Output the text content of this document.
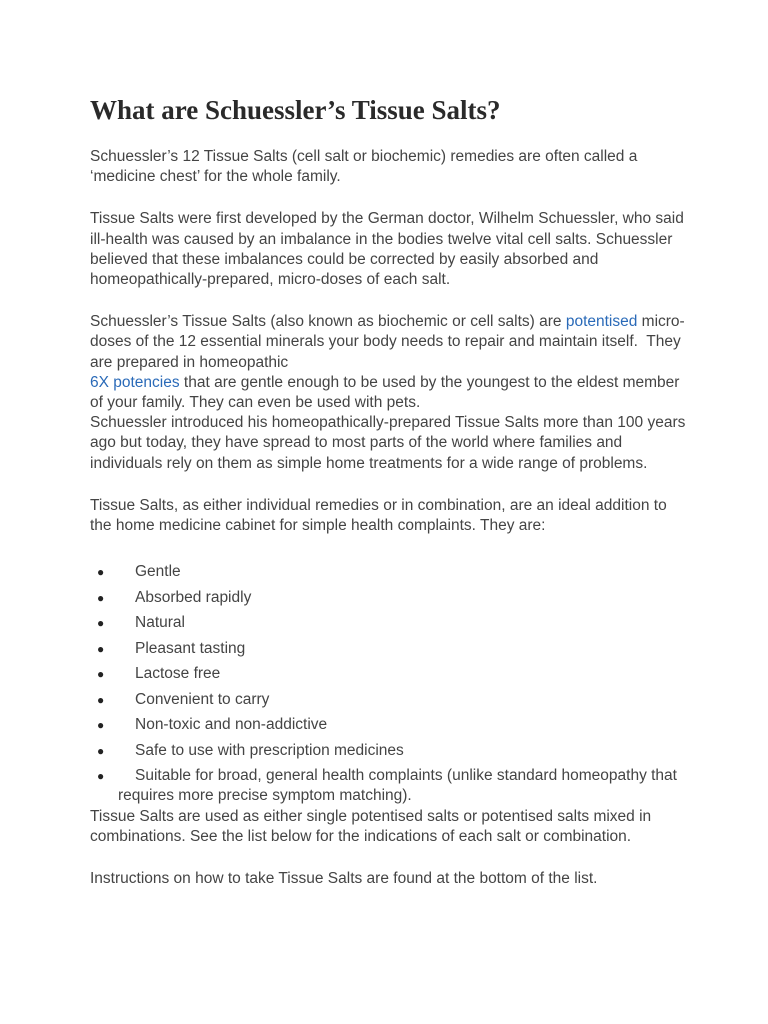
What are Schuessler’s Tissue Salts?

Schuessler’s 12 Tissue Salts (cell salt or biochemic) remedies are often called a ‘medicine chest’ for the whole family.

Tissue Salts were first developed by the German doctor, Wilhelm Schuessler, who said ill-health was caused by an imbalance in the bodies twelve vital cell salts. Schuessler believed that these imbalances could be corrected by easily absorbed and homeopathically-prepared, micro-doses of each salt.

Schuessler’s Tissue Salts (also known as biochemic or cell salts) are potentised micro-doses of the 12 essential minerals your body needs to repair and maintain itself.  They are prepared in homeopathic
6X potencies that are gentle enough to be used by the youngest to the eldest member of your family. They can even be used with pets.

Schuessler introduced his homeopathically-prepared Tissue Salts more than 100 years ago but today, they have spread to most parts of the world where families and individuals rely on them as simple home treatments for a wide range of problems.

Tissue Salts, as either individual remedies or in combination, are an ideal addition to the home medicine cabinet for simple health complaints. They are:

● Gentle
● Absorbed rapidly
● Natural
● Pleasant tasting
● Lactose free
● Convenient to carry
● Non-toxic and non-addictive
● Safe to use with prescription medicines
● Suitable for broad, general health complaints (unlike standard homeopathy that requires more precise symptom matching).

Tissue Salts are used as either single potentised salts or potentised salts mixed in combinations. See the list below for the indications of each salt or combination.

Instructions on how to take Tissue Salts are found at the bottom of the list.
